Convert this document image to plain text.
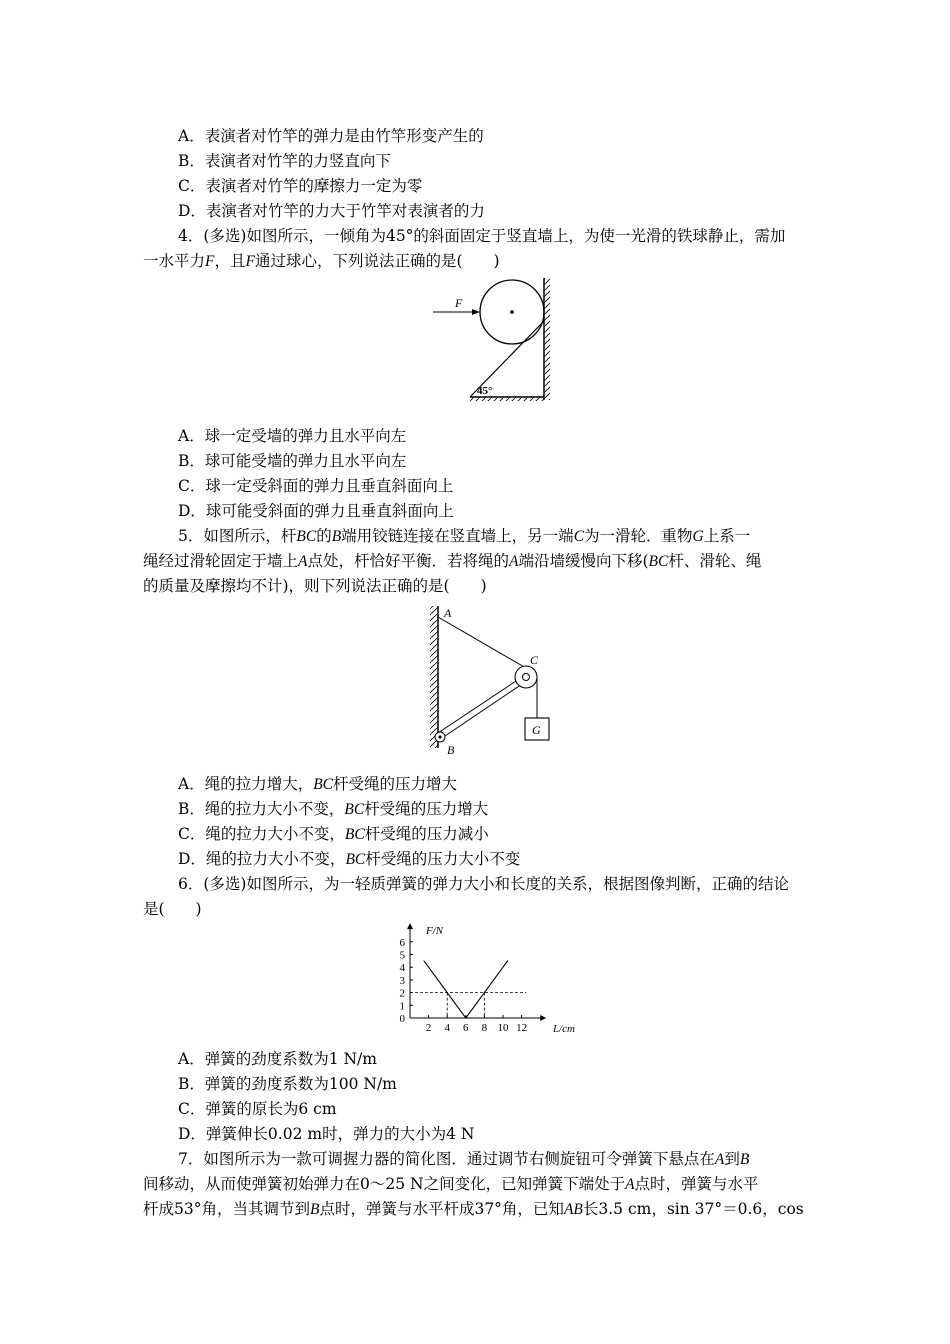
A．表演者对竹竿的弹力是由竹竿形变产生的
B．表演者对竹竿的力竖直向下
C．表演者对竹竿的摩擦力一定为零
D．表演者对竹竿的力大于竹竿对表演者的力
4．(多选)如图所示，一倾角为45°的斜面固定于竖直墙上，为使一光滑的铁球静止，需加
一水平力F，且F通过球心，下列说法正确的是(　　)
F
45°
A．球一定受墙的弹力且水平向左
B．球可能受墙的弹力且水平向左
C．球一定受斜面的弹力且垂直斜面向上
D．球可能受斜面的弹力且垂直斜面向上
5．如图所示，杆BC的B端用铰链连接在竖直墙上，另一端C为一滑轮．重物G上系一
绳经过滑轮固定于墙上A点处，杆恰好平衡．若将绳的A端沿墙缓慢向下移(BC杆、滑轮、绳
的质量及摩擦均不计)，则下列说法正确的是(　　)
G
A
B
C
A．绳的拉力增大，BC杆受绳的压力增大
B．绳的拉力大小不变，BC杆受绳的压力增大
C．绳的拉力大小不变，BC杆受绳的压力减小
D．绳的拉力大小不变，BC杆受绳的压力大小不变
6．(多选)如图所示，为一轻质弹簧的弹力大小和长度的关系，根据图像判断，正确的结论
是(　　)
2 4 6 8 10 12
0
1
2
3
4
5
6
F/N
L/cm
A．弹簧的劲度系数为1 N/m
B．弹簧的劲度系数为100 N/m
C．弹簧的原长为6 cm
D．弹簧伸长0.02 m时，弹力的大小为4 N
7．如图所示为一款可调握力器的简化图．通过调节右侧旋钮可令弹簧下悬点在A到B
间移动，从而使弹簧初始弹力在0～25 N之间变化，已知弹簧下端处于A点时，弹簧与水平
杆成53°角，当其调节到B点时，弹簧与水平杆成37°角，已知AB长3.5 cm，sin 37°＝0.6，cos
